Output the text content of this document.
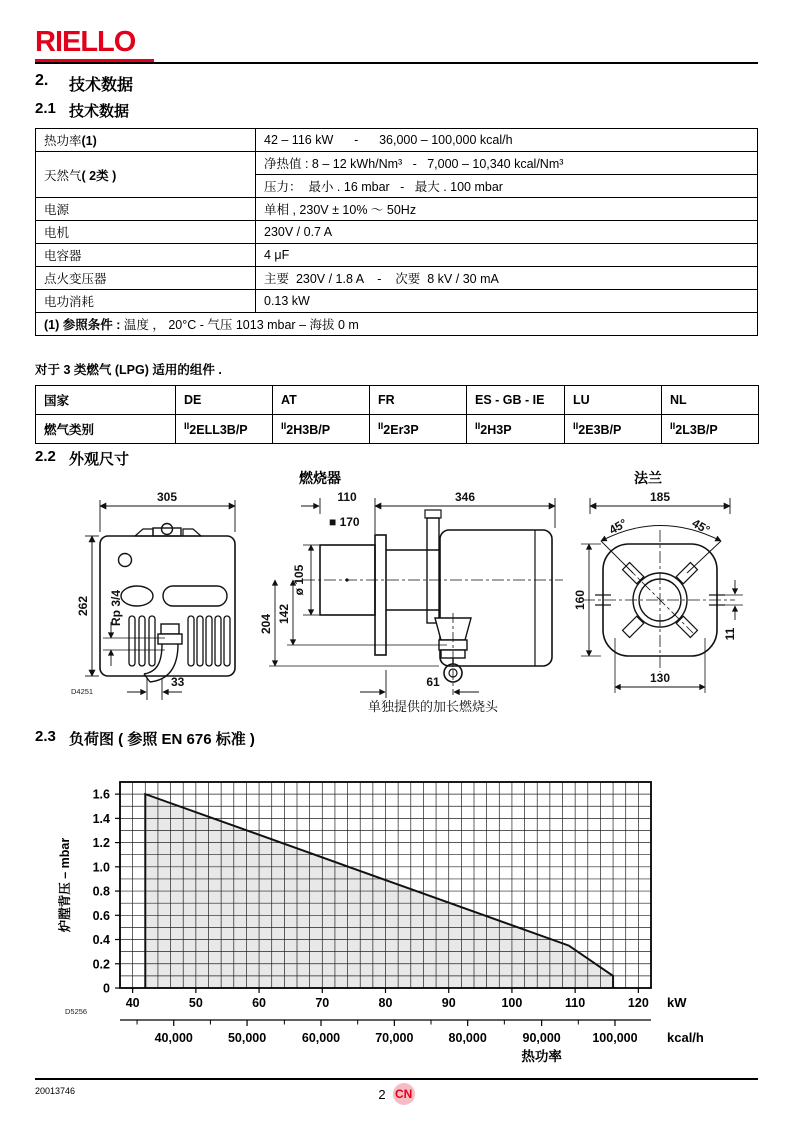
RIELLO
2.	技术数据
2.1 技术数据
热功率(1)	42 – 116 kW      -      36,000 – 100,000 kcal/h

天然气( 2类 )	净热值 : 8 – 12 kWh/Nm³   -   7,000 – 10,340 kcal/Nm³
	压力：  最小 . 16 mbar   -   最大 . 100 mbar
电源	单相 , 230V ± 10% ～ 50Hz
电机	230V / 0.7 A
电容器	4 μF
点火变压器	主要  230V / 1.8 A    -    次要  8 kV / 30 mA
电功消耗	0.13 kW
(1) 参照条件 : 温度 ， 20°C - 气压 1013 mbar – 海拔 0 m	
对于 3 类燃气 (LPG) 适用的组件 .
国家	DE	AT	FR	ES - GB - IE	LU	NL
燃气类别	$^{II}$2ELL3B/P	$^{II}$2H3B/P	$^{II}$2Er3P	$^{II}$2H3P	$^{II}$2E3B/P	$^{II}$2L3B/P
2.2 外观尺寸
燃烧器	法兰
305
262 Rp 3/4
33
D4251
110	346
■ 170
ø 105
142
204
61
单独提供的加长燃烧头
185
45°	45°
160
11
130
2.3 负荷图 ( 参照 EN 676 标准 )
0
0.2
0.4
0.6
0.8
1.0
1.2
1.4
1.6
40	50	60	70	80	90	100	110	120 kW
炉膛背压 – mbar
D5256
40,000	50,000	60,000	70,000	80,000	90,000	100,000 kcal/h
热功率
20013746	2 CN
